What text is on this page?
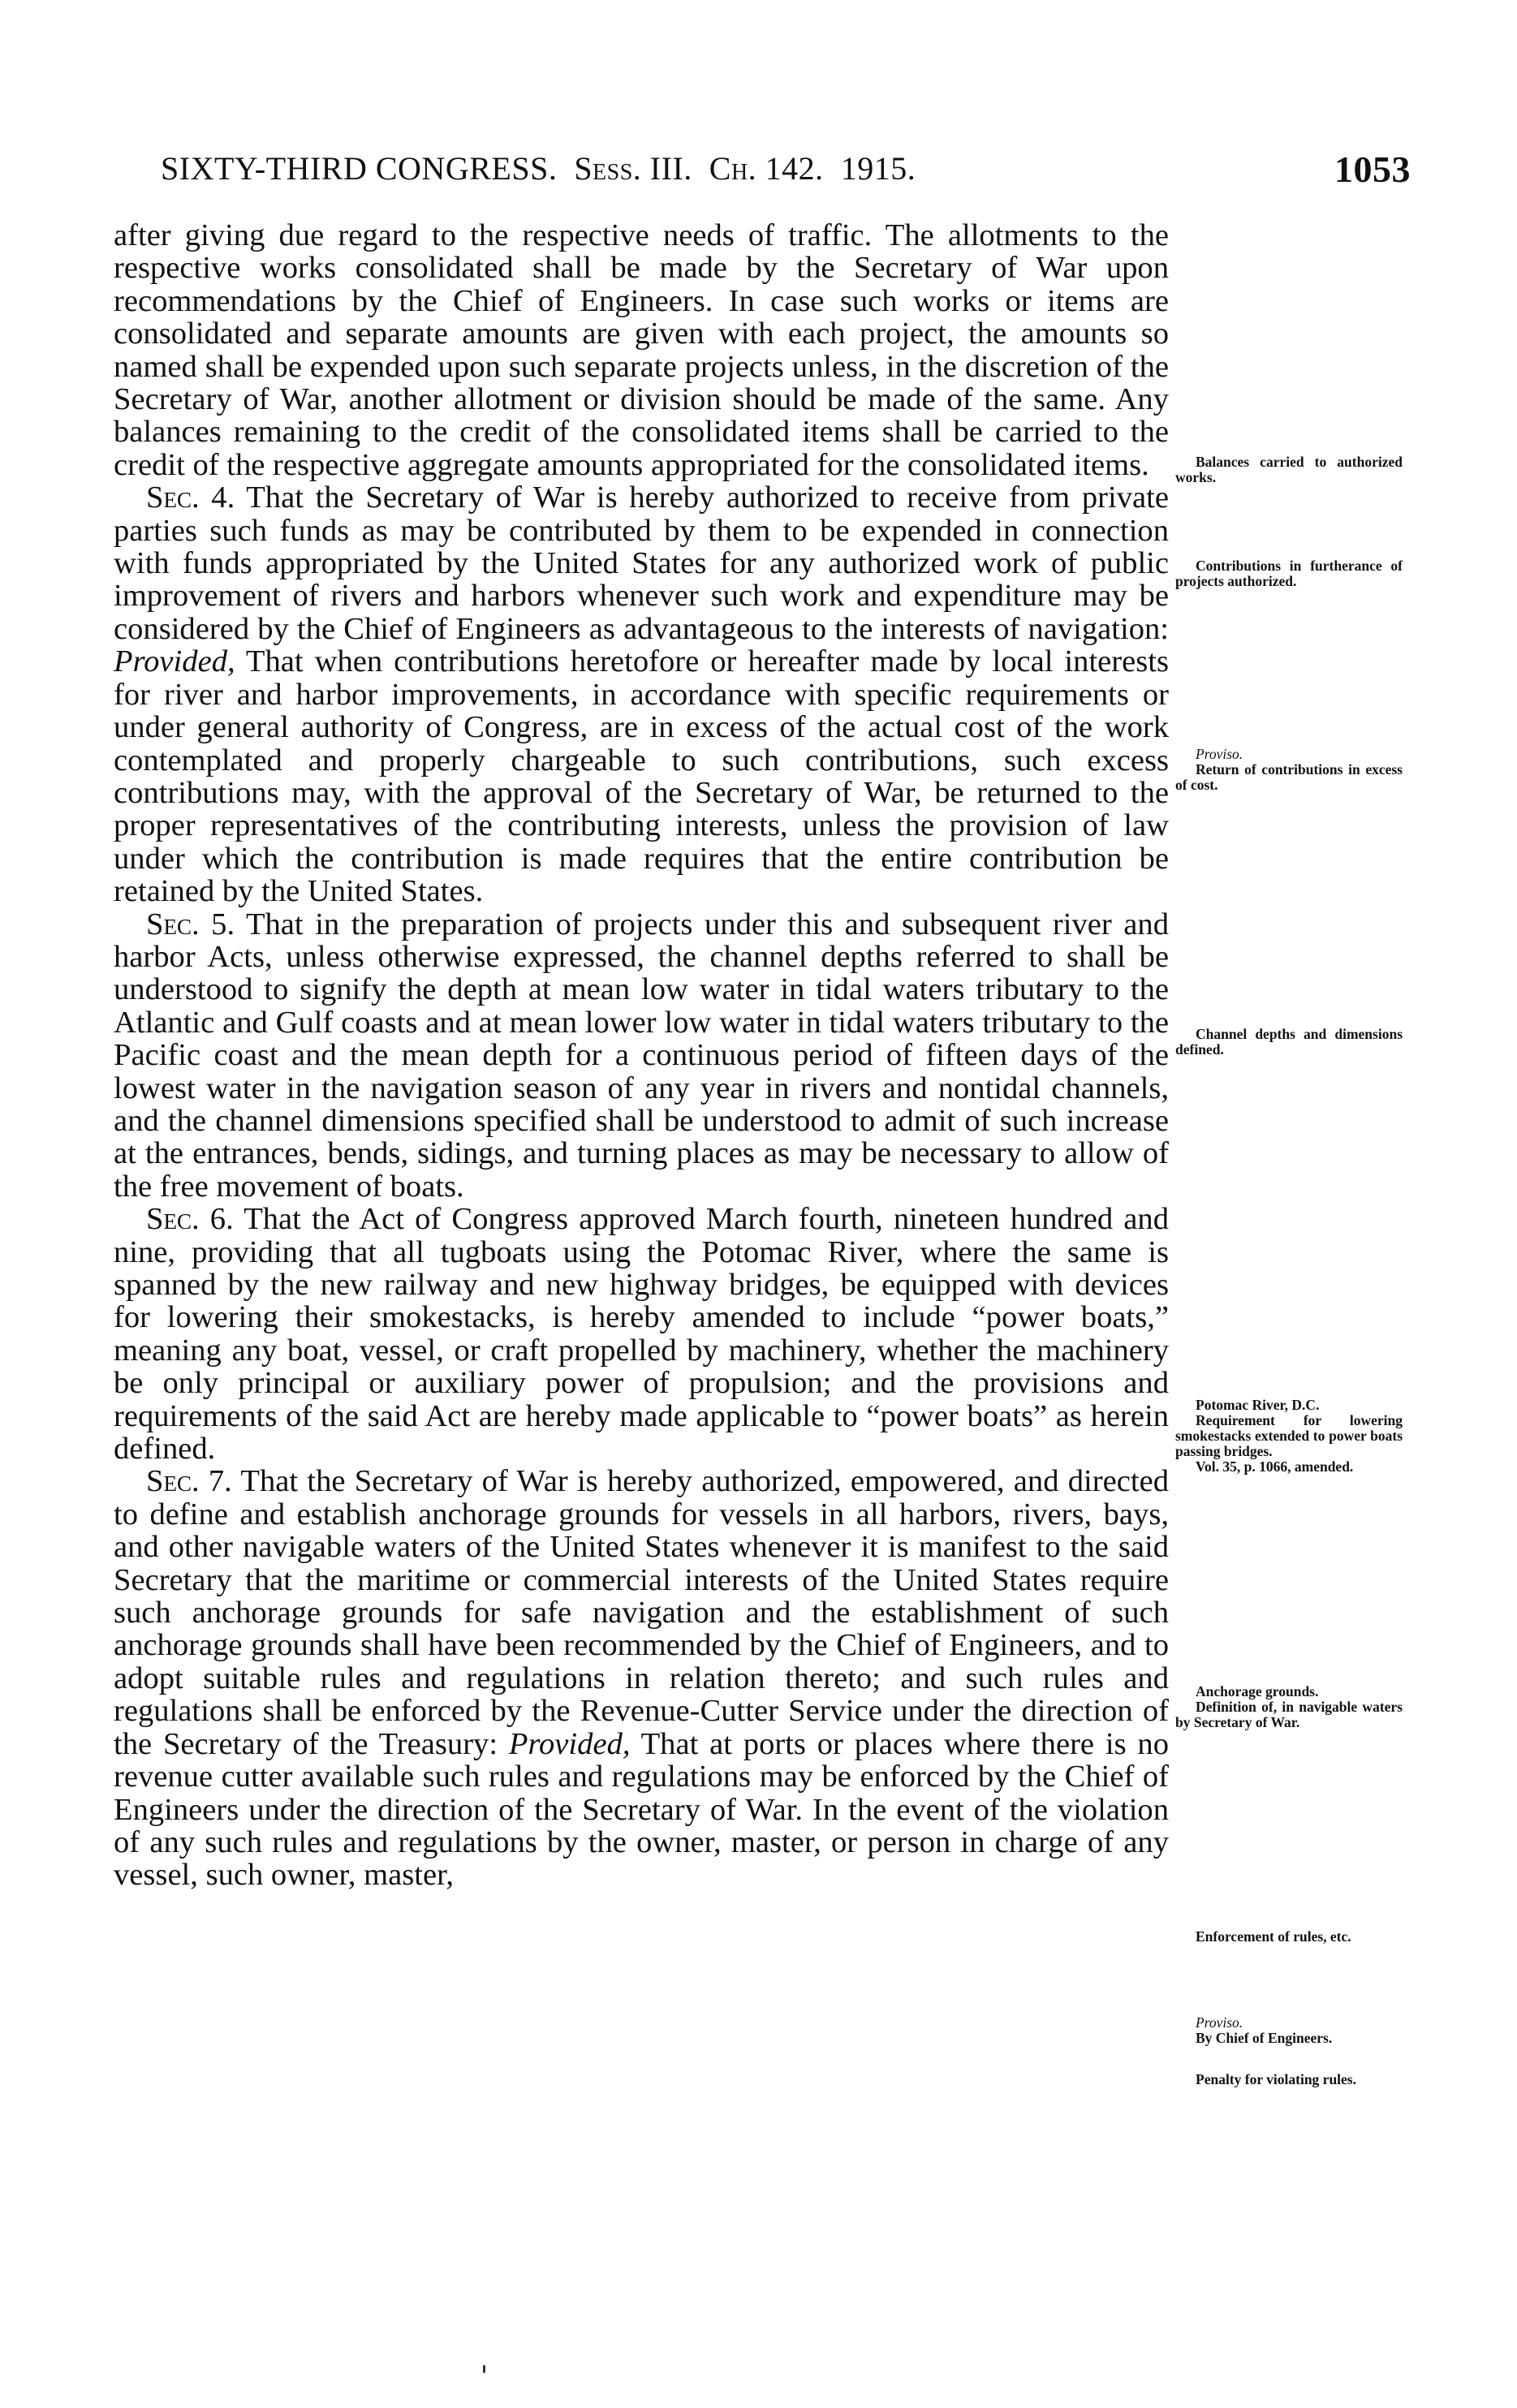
SIXTY-THIRD CONGRESS. Sess. III. Ch. 142. 1915.	1053

after giving due regard to the respective needs of traffic. The allotments to the respective works consolidated shall be made by the Secretary of War upon recommendations by the Chief of Engineers. In case such works or items are consolidated and separate amounts are given with each project, the amounts so named shall be expended upon such separate projects unless, in the discretion of the Secretary of War, another allotment or division should be made of the same. Any balances remaining to the credit of the consolidated items shall be carried to the credit of the respective aggregate amounts appropriated for the consolidated items.

Sec. 4. That the Secretary of War is hereby authorized to receive from private parties such funds as may be contributed by them to be expended in connection with funds appropriated by the United States for any authorized work of public improvement of rivers and harbors whenever such work and expenditure may be considered by the Chief of Engineers as advantageous to the interests of navigation: Provided, That when contributions heretofore or hereafter made by local interests for river and harbor improvements, in accordance with specific requirements or under general authority of Congress, are in excess of the actual cost of the work contemplated and properly chargeable to such contributions, such excess contributions may, with the approval of the Secretary of War, be returned to the proper representatives of the contributing interests, unless the provision of law under which the contribution is made requires that the entire contribution be retained by the United States.

Sec. 5. That in the preparation of projects under this and subsequent river and harbor Acts, unless otherwise expressed, the channel depths referred to shall be understood to signify the depth at mean low water in tidal waters tributary to the Atlantic and Gulf coasts and at mean lower low water in tidal waters tributary to the Pacific coast and the mean depth for a continuous period of fifteen days of the lowest water in the navigation season of any year in rivers and nontidal channels, and the channel dimensions specified shall be understood to admit of such increase at the entrances, bends, sidings, and turning places as may be necessary to allow of the free movement of boats.

Sec. 6. That the Act of Congress approved March fourth, nineteen hundred and nine, providing that all tugboats using the Potomac River, where the same is spanned by the new railway and new highway bridges, be equipped with devices for lowering their smokestacks, is hereby amended to include “power boats,” meaning any boat, vessel, or craft propelled by machinery, whether the machinery be only principal or auxiliary power of propulsion; and the provisions and requirements of the said Act are hereby made applicable to “power boats” as herein defined.

Sec. 7. That the Secretary of War is hereby authorized, empowered, and directed to define and establish anchorage grounds for vessels in all harbors, rivers, bays, and other navigable waters of the United States whenever it is manifest to the said Secretary that the maritime or commercial interests of the United States require such anchorage grounds for safe navigation and the establishment of such anchorage grounds shall have been recommended by the Chief of Engineers, and to adopt suitable rules and regulations in relation thereto; and such rules and regulations shall be enforced by the Revenue-Cutter Service under the direction of the Secretary of the Treasury: Provided, That at ports or places where there is no revenue cutter available such rules and regulations may be enforced by the Chief of Engineers under the direction of the Secretary of War. In the event of the violation of any such rules and regulations by the owner, master, or person in charge of any vessel, such owner, master,

Balances carried to authorized works.

Contributions in furtherance of projects authorized.

Proviso.

Return of contributions in excess of cost.

Channel depths and dimensions defined.

Potomac River, D.C.

Requirement for lowering smokestacks extended to power boats passing bridges.

Vol. 35, p. 1066, amended.

Anchorage grounds.

Definition of, in navigable waters by Secretary of War.

Enforcement of rules, etc.

Proviso.

By Chief of Engineers.

Penalty for violating rules.
